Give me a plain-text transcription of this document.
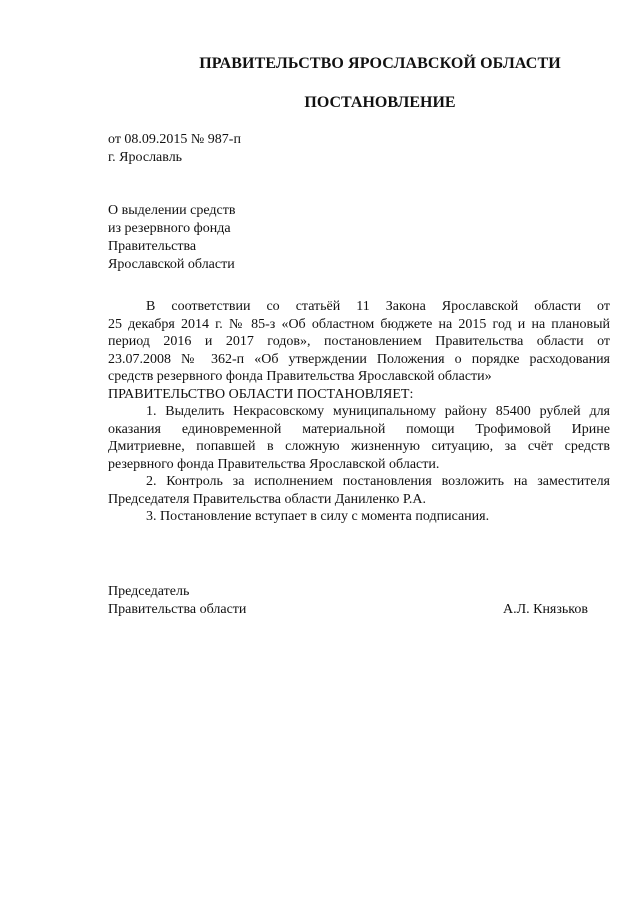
ПРАВИТЕЛЬСТВО ЯРОСЛАВСКОЙ ОБЛАСТИ
ПОСТАНОВЛЕНИЕ
от 08.09.2015 № 987-п
г. Ярославль
О выделении средств
из резервного фонда
Правительства
Ярославской области
В соответствии со статьёй 11 Закона Ярославской области от
25 декабря 2014 г. № 85-з «Об областном бюджете на 2015 год и на плановый
период 2016 и 2017 годов», постановлением Правительства области от
23.07.2008 № 362-п «Об утверждении Положения о порядке расходования
средств резервного фонда Правительства Ярославской области»
ПРАВИТЕЛЬСТВО ОБЛАСТИ ПОСТАНОВЛЯЕТ:
1. Выделить Некрасовскому муниципальному району 85400 рублей для
оказания единовременной материальной помощи Трофимовой Ирине
Дмитриевне, попавшей в сложную жизненную ситуацию, за счёт средств
резервного фонда Правительства Ярославской области.
2. Контроль за исполнением постановления возложить на заместителя
Председателя Правительства области Даниленко Р.А.
3. Постановление вступает в силу с момента подписания.
Председатель
Правительства области	А.Л. Князьков
